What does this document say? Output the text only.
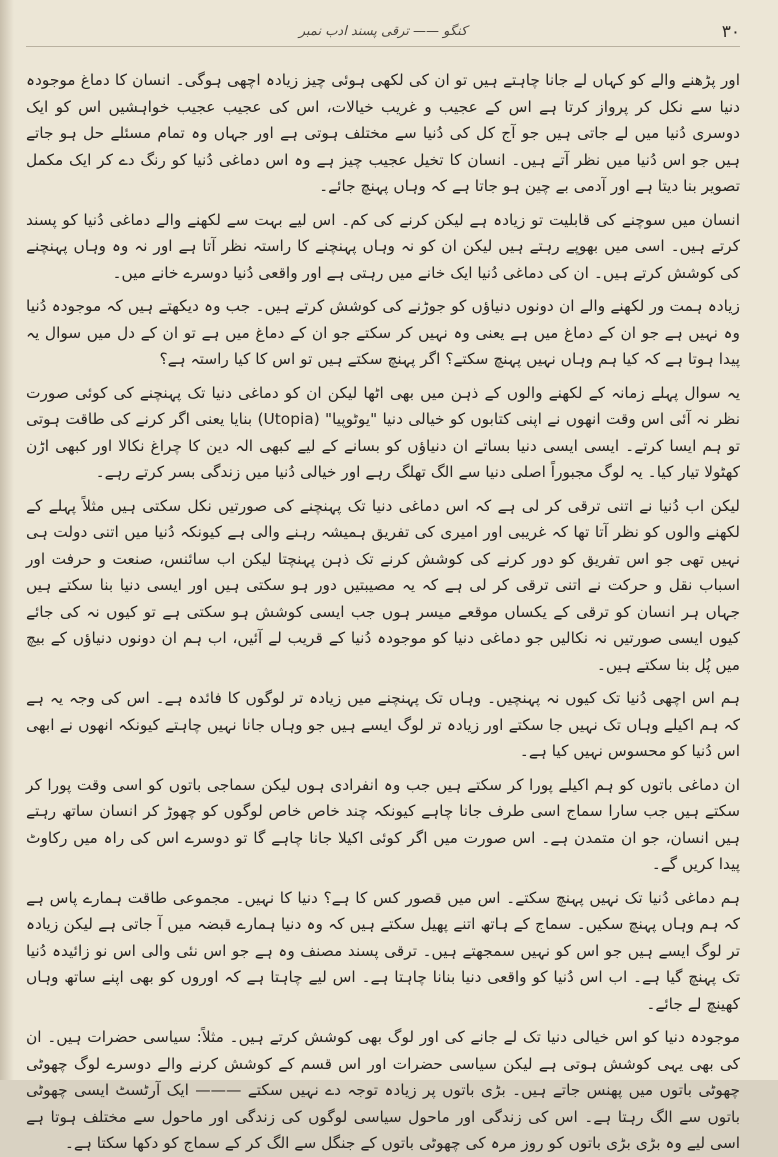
کنگو —— ترقی پسند ادب نمبر	۳۰

اور پڑھنے والے کو کہاں لے جانا چاہتے ہیں تو ان کی لکھی ہوئی چیز زیادہ اچھی ہوگی۔ انسان کا دماغ موجودہ دنیا سے نکل کر پرواز کرتا ہے اس کے عجیب و غریب خیالات، اس کی عجیب عجیب خواہشیں اس کو ایک دوسری دُنیا میں لے جاتی ہیں جو آج کل کی دُنیا سے مختلف ہوتی ہے اور جہاں وہ تمام مسئلے حل ہو جاتے ہیں جو اس دُنیا میں نظر آتے ہیں۔ انسان کا تخیل عجیب چیز ہے وہ اس دماغی دُنیا کو رنگ دے کر ایک مکمل تصویر بنا دیتا ہے اور آدمی بے چین ہو جاتا ہے کہ وہاں پہنچ جائے۔

انسان میں سوچنے کی قابلیت تو زیادہ ہے لیکن کرنے کی کم۔ اس لیے بہت سے لکھنے والے دماغی دُنیا کو پسند کرتے ہیں۔ اسی میں بھوپے رہتے ہیں لیکن ان کو نہ وہاں پہنچنے کا راستہ نظر آتا ہے اور نہ وہ وہاں پہنچنے کی کوشش کرتے ہیں۔ ان کی دماغی دُنیا ایک خانے میں رہتی ہے اور واقعی دُنیا دوسرے خانے میں۔

زیادہ ہمت ور لکھنے والے ان دونوں دنیاؤں کو جوڑنے کی کوشش کرتے ہیں۔ جب وہ دیکھتے ہیں کہ موجودہ دُنیا وہ نہیں ہے جو ان کے دماغ میں ہے یعنی وہ نہیں کر سکتے جو ان کے دماغ میں ہے تو ان کے دل میں سوال یہ پیدا ہوتا ہے کہ کیا ہم وہاں نہیں پہنچ سکتے؟ اگر پہنچ سکتے ہیں تو اس کا کیا راستہ ہے؟

یہ سوال پہلے زمانہ کے لکھنے والوں کے ذہن میں بھی اٹھا لیکن ان کو دماغی دنیا تک پہنچنے کی کوئی صورت نظر نہ آئی اس وقت انھوں نے اپنی کتابوں کو خیالی دنیا "یوٹوپیا" (Utopia) بنایا یعنی اگر کرنے کی طاقت ہوتی تو ہم ایسا کرتے۔ ایسی ایسی دنیا بساتے ان دنیاؤں کو بسانے کے لیے کبھی الہ دین کا چراغ نکالا اور کبھی اڑن کھٹولا تیار کیا۔ یہ لوگ مجبوراً اصلی دنیا سے الگ تھلگ رہے اور خیالی دُنیا میں زندگی بسر کرتے رہے۔

لیکن اب دُنیا نے اتنی ترقی کر لی ہے کہ اس دماغی دنیا تک پہنچنے کی صورتیں نکل سکتی ہیں مثلاً پہلے کے لکھنے والوں کو نظر آتا تھا کہ غریبی اور امیری کی تفریق ہمیشہ رہنے والی ہے کیونکہ دُنیا میں اتنی دولت ہی نہیں تھی جو اس تفریق کو دور کرنے کی کوشش کرنے تک ذہن پہنچتا لیکن اب سائنس، صنعت و حرفت اور اسباب نقل و حرکت نے اتنی ترقی کر لی ہے کہ یہ مصیبتیں دور ہو سکتی ہیں اور ایسی دنیا بنا سکتے ہیں جہاں ہر انسان کو ترقی کے یکساں موقعے میسر ہوں جب ایسی کوشش ہو سکتی ہے تو کیوں نہ کی جائے کیوں ایسی صورتیں نہ نکالیں جو دماغی دنیا کو موجودہ دُنیا کے قریب لے آئیں، اب ہم ان دونوں دنیاؤں کے بیچ میں پُل بنا سکتے ہیں۔

ہم اس اچھی دُنیا تک کیوں نہ پہنچیں۔ وہاں تک پہنچنے میں زیادہ تر لوگوں کا فائدہ ہے۔ اس کی وجہ یہ ہے کہ ہم اکیلے وہاں تک نہیں جا سکتے اور زیادہ تر لوگ ایسے ہیں جو وہاں جانا نہیں چاہتے کیونکہ انھوں نے ابھی اس دُنیا کو محسوس نہیں کیا ہے۔

ان دماغی باتوں کو ہم اکیلے پورا کر سکتے ہیں جب وہ انفرادی ہوں لیکن سماجی باتوں کو اسی وقت پورا کر سکتے ہیں جب سارا سماج اسی طرف جانا چاہے کیونکہ چند خاص خاص لوگوں کو چھوڑ کر انسان ساتھ رہتے ہیں انسان، جو ان متمدن ہے۔ اس صورت میں اگر کوئی اکیلا جانا چاہے گا تو دوسرے اس کی راہ میں رکاوٹ پیدا کریں گے۔

ہم دماغی دُنیا تک نہیں پہنچ سکتے۔ اس میں قصور کس کا ہے؟ دنیا کا نہیں۔ مجموعی طاقت ہمارے پاس ہے کہ ہم وہاں پہنچ سکیں۔ سماج کے ہاتھ اتنے پھیل سکتے ہیں کہ وہ دنیا ہمارے قبضہ میں آ جاتی ہے لیکن زیادہ تر لوگ ایسے ہیں جو اس کو نہیں سمجھتے ہیں۔ ترقی پسند مصنف وہ ہے جو اس نئی والی اس نو زائیدہ دُنیا تک پہنچ گیا ہے۔ اب اس دُنیا کو واقعی دنیا بنانا چاہتا ہے۔ اس لیے چاہتا ہے کہ اوروں کو بھی اپنے ساتھ وہاں کھینچ لے جائے۔

موجودہ دنیا کو اس خیالی دنیا تک لے جانے کی اور لوگ بھی کوشش کرتے ہیں۔ مثلاً: سیاسی حضرات ہیں۔ ان کی بھی یہی کوشش ہوتی ہے لیکن سیاسی حضرات اور اس قسم کے کوشش کرنے والے دوسرے لوگ چھوٹی چھوٹی باتوں میں پھنس جاتے ہیں۔ بڑی باتوں پر زیادہ توجہ دے نہیں سکتے ——— ایک آرٹسٹ ایسی چھوٹی باتوں سے الگ رہتا ہے۔ اس کی زندگی اور ماحول سیاسی لوگوں کی زندگی اور ماحول سے مختلف ہوتا ہے اسی لیے وہ بڑی بڑی باتوں کو روز مرہ کی چھوٹی باتوں کے جنگل سے الگ کر کے سماج کو دکھا سکتا ہے۔
